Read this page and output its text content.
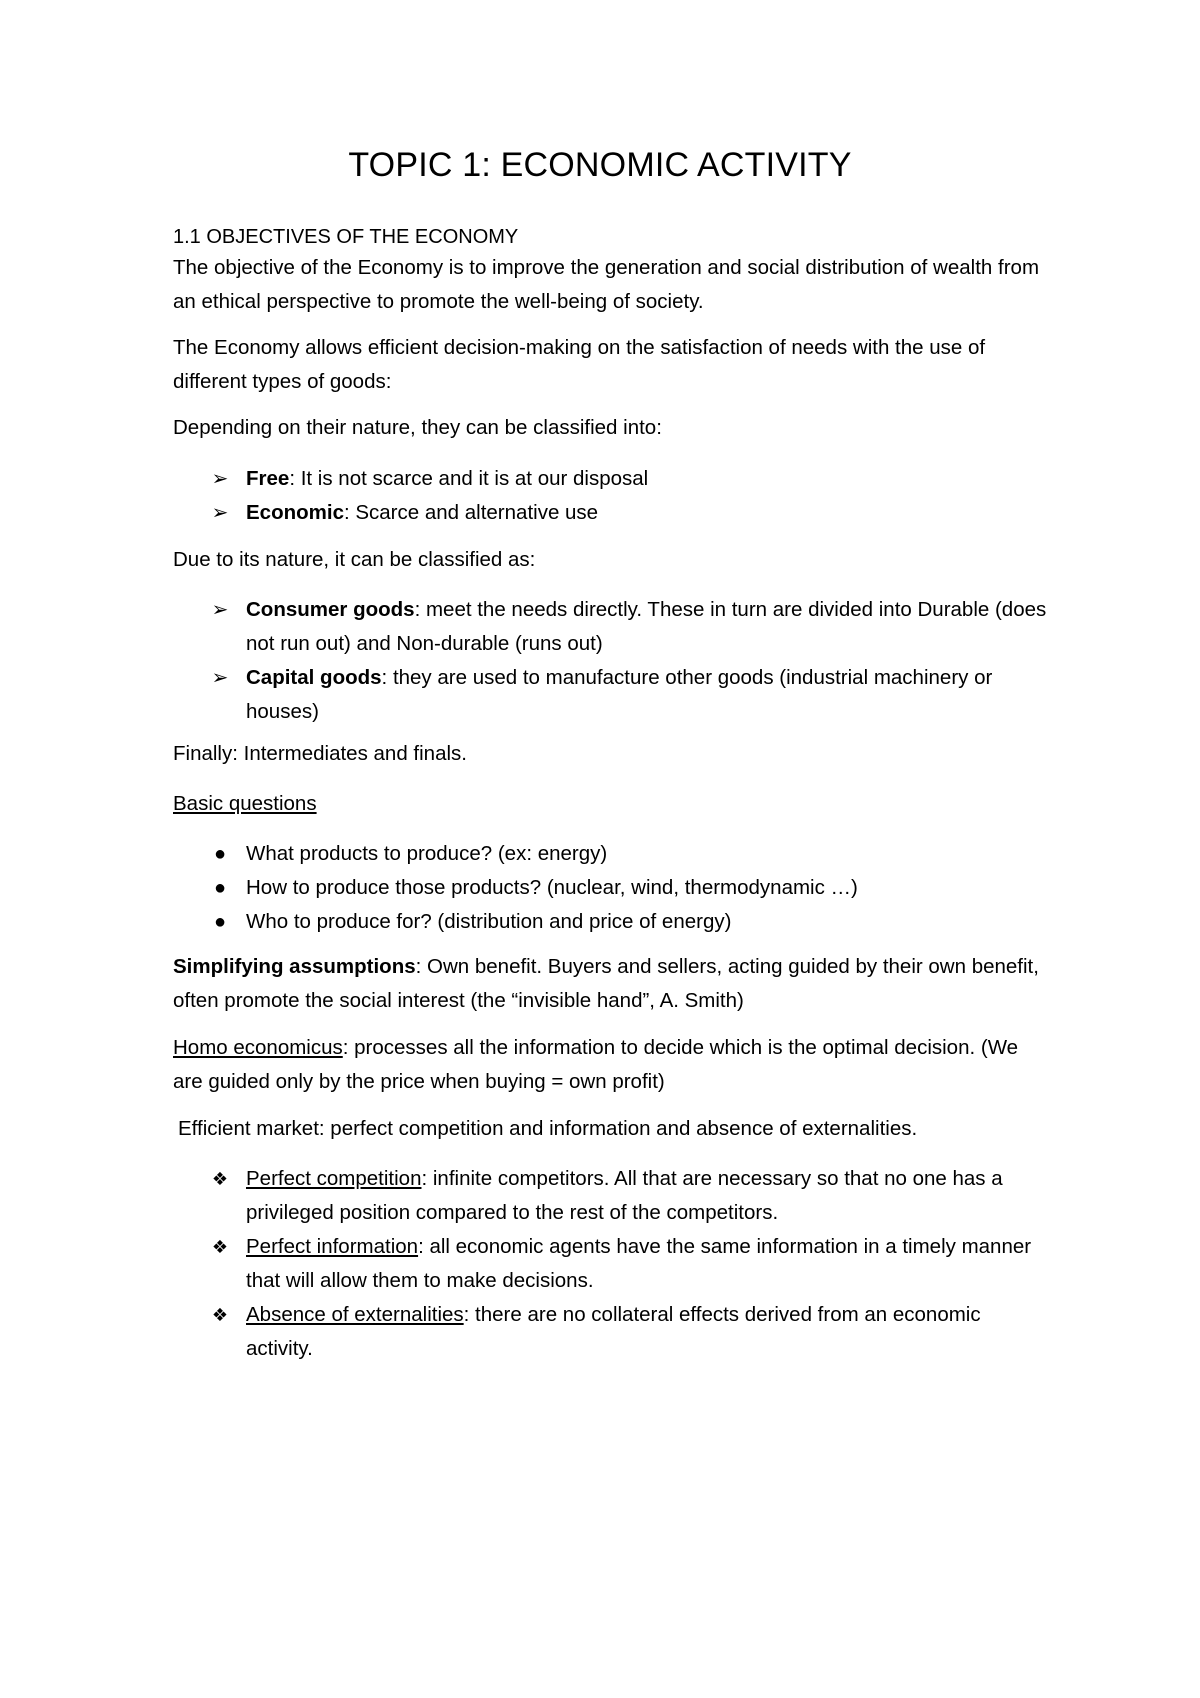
TOPIC 1: ECONOMIC ACTIVITY
1.1 OBJECTIVES OF THE ECONOMY

The objective of the Economy is to improve the generation and social distribution of wealth from an ethical perspective to promote the well-being of society.

The Economy allows efficient decision-making on the satisfaction of needs with the use of different types of goods:

Depending on their nature, they can be classified into:

➢ Free: It is not scarce and it is at our disposal
➢ Economic: Scarce and alternative use

Due to its nature, it can be classified as:

➢ Consumer goods: meet the needs directly. These in turn are divided into Durable (does not run out) and Non-durable (runs out)
➢ Capital goods: they are used to manufacture other goods (industrial machinery or houses)

Finally: Intermediates and finals.

Basic questions

● What products to produce? (ex: energy)
● How to produce those products? (nuclear, wind, thermodynamic …)
● Who to produce for? (distribution and price of energy)

Simplifying assumptions: Own benefit. Buyers and sellers, acting guided by their own benefit, often promote the social interest (the “invisible hand”, A. Smith)

Homo economicus: processes all the information to decide which is the optimal decision. (We are guided only by the price when buying = own profit)

Efficient market: perfect competition and information and absence of externalities.

❖ Perfect competition: infinite competitors. All that are necessary so that no one has a privileged position compared to the rest of the competitors.
❖ Perfect information: all economic agents have the same information in a timely manner that will allow them to make decisions.
❖ Absence of externalities: there are no collateral effects derived from an economic activity.
